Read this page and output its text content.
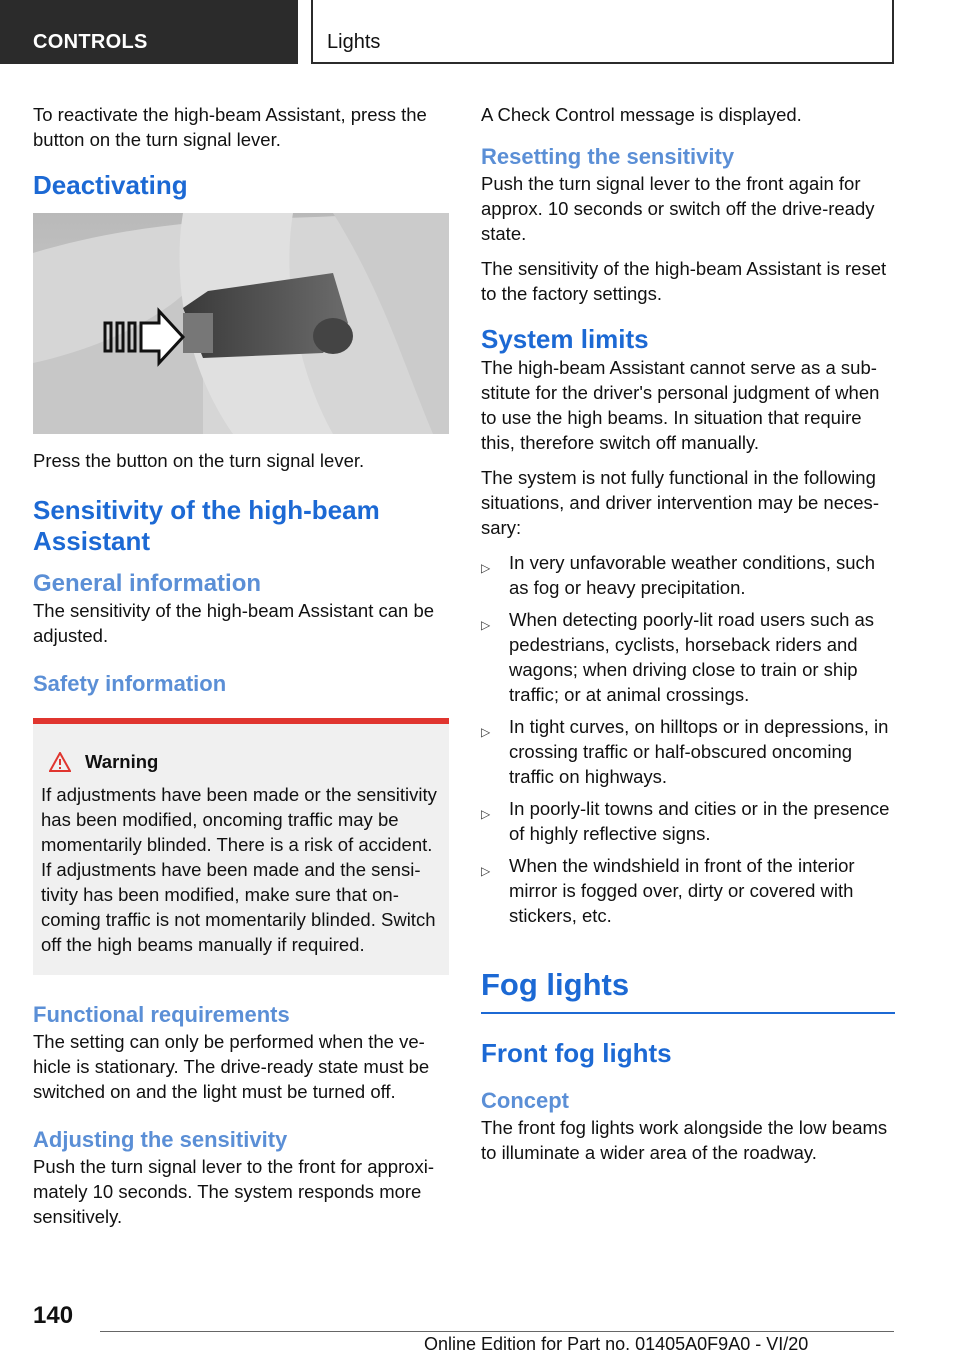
CONTROLS	Lights

To reactivate the high-beam Assistant, press the button on the turn signal lever.

Deactivating

Press the button on the turn signal lever.

Sensitivity of the high-beam Assistant
General information

The sensitivity of the high-beam Assistant can be adjusted.

Safety information
Warning

If adjustments have been made or the sensitivity has been modified, oncoming traffic may be momentarily blinded. There is a risk of accident. If adjustments have been made and the sensitivity has been modified, make sure that oncoming traffic is not momentarily blinded. Switch off the high beams manually if required.

Functional requirements

The setting can only be performed when the vehicle is stationary. The drive-ready state must be switched on and the light must be turned off.

Adjusting the sensitivity

Push the turn signal lever to the front for approximately 10 seconds. The system responds more sensitively.

A Check Control message is displayed.

Resetting the sensitivity

Push the turn signal lever to the front again for approx. 10 seconds or switch off the drive-ready state.

The sensitivity of the high-beam Assistant is reset to the factory settings.

System limits

The high-beam Assistant cannot serve as a substitute for the driver's personal judgment of when to use the high beams. In situation that require this, therefore switch off manually.

The system is not fully functional in the following situations, and driver intervention may be necessary:

▷ In very unfavorable weather conditions, such as fog or heavy precipitation.
▷ When detecting poorly-lit road users such as pedestrians, cyclists, horseback riders and wagons; when driving close to train or ship traffic; or at animal crossings.
▷ In tight curves, on hilltops or in depressions, in crossing traffic or half-obscured oncoming traffic on highways.
▷ In poorly-lit towns and cities or in the presence of highly reflective signs.
▷ When the windshield in front of the interior mirror is fogged over, dirty or covered with stickers, etc.
Fog lights
Front fog lights
Concept

The front fog lights work alongside the low beams to illuminate a wider area of the roadway.

140
Online Edition for Part no. 01405A0F9A0 - VI/20
